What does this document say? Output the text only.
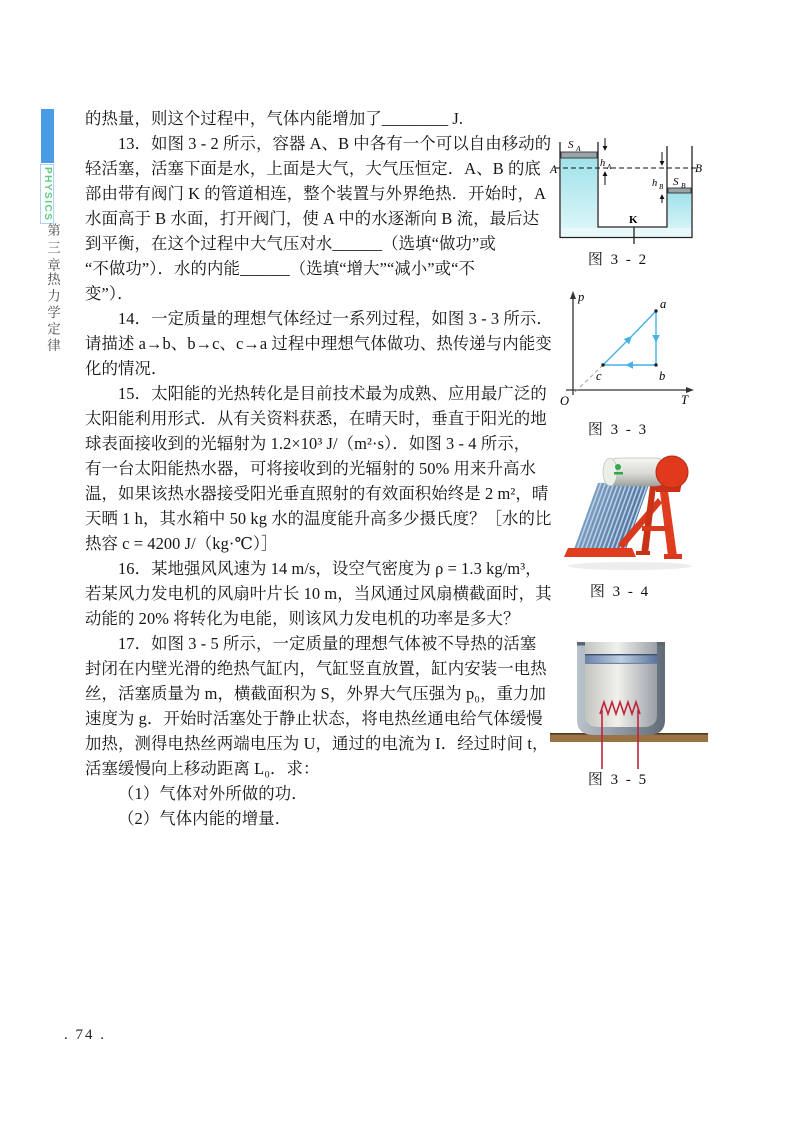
PHYSICS
第三章
热力学定律
的热量，则这个过程中，气体内能增加了________ J.
13．如图 3 - 2 所示，容器 A、B 中各有一个可以自由移动的
轻活塞，活塞下面是水，上面是大气，大气压恒定．A、B 的底
部由带有阀门 K 的管道相连，整个装置与外界绝热．开始时，A
水面高于 B 水面，打开阀门，使 A 中的水逐渐向 B 流，最后达
到平衡，在这个过程中大气压对水______（选填“做功”或
“不做功”）．水的内能______（选填“增大”“减小”或“不
变”）．
14．一定质量的理想气体经过一系列过程，如图 3 - 3 所示．
请描述 a→b、b→c、c→a 过程中理想气体做功、热传递与内能变
化的情况．
15．太阳能的光热转化是目前技术最为成熟、应用最广泛的
太阳能利用形式．从有关资料获悉，在晴天时，垂直于阳光的地
球表面接收到的光辐射为 1.2×10³ J/（m²·s）．如图 3 - 4 所示，
有一台太阳能热水器，可将接收到的光辐射的 50% 用来升高水
温，如果该热水器接受阳光垂直照射的有效面积始终是 2 m²，晴
天晒 1 h，其水箱中 50 kg 水的温度能升高多少摄氏度？［水的比
热容 c = 4200 J/（kg·℃）］
16．某地强风风速为 14 m/s，设空气密度为 ρ = 1.3 kg/m³，
若某风力发电机的风扇叶片长 10 m，当风通过风扇横截面时，其
动能的 20% 将转化为电能，则该风力发电机的功率是多大？
17．如图 3 - 5 所示，一定质量的理想气体被不导热的活塞
封闭在内壁光滑的绝热气缸内，气缸竖直放置，缸内安装一电热
丝，活塞质量为 m，横截面积为 S，外界大气压强为 p₀，重力加
速度为 g．开始时活塞处于静止状态，将电热丝通电给气体缓慢
加热，测得电热丝两端电压为 U，通过的电流为 I．经过时间 t，
活塞缓慢向上移动距离 L₀．求：
（1）气体对外所做的功．
（2）气体内能的增量．
S A
h A
A	B
h B S B
K
图 3 - 2
p
T
O
a
b
c
图 3 - 3
图 3 - 4
图 3 - 5
. 74 .
